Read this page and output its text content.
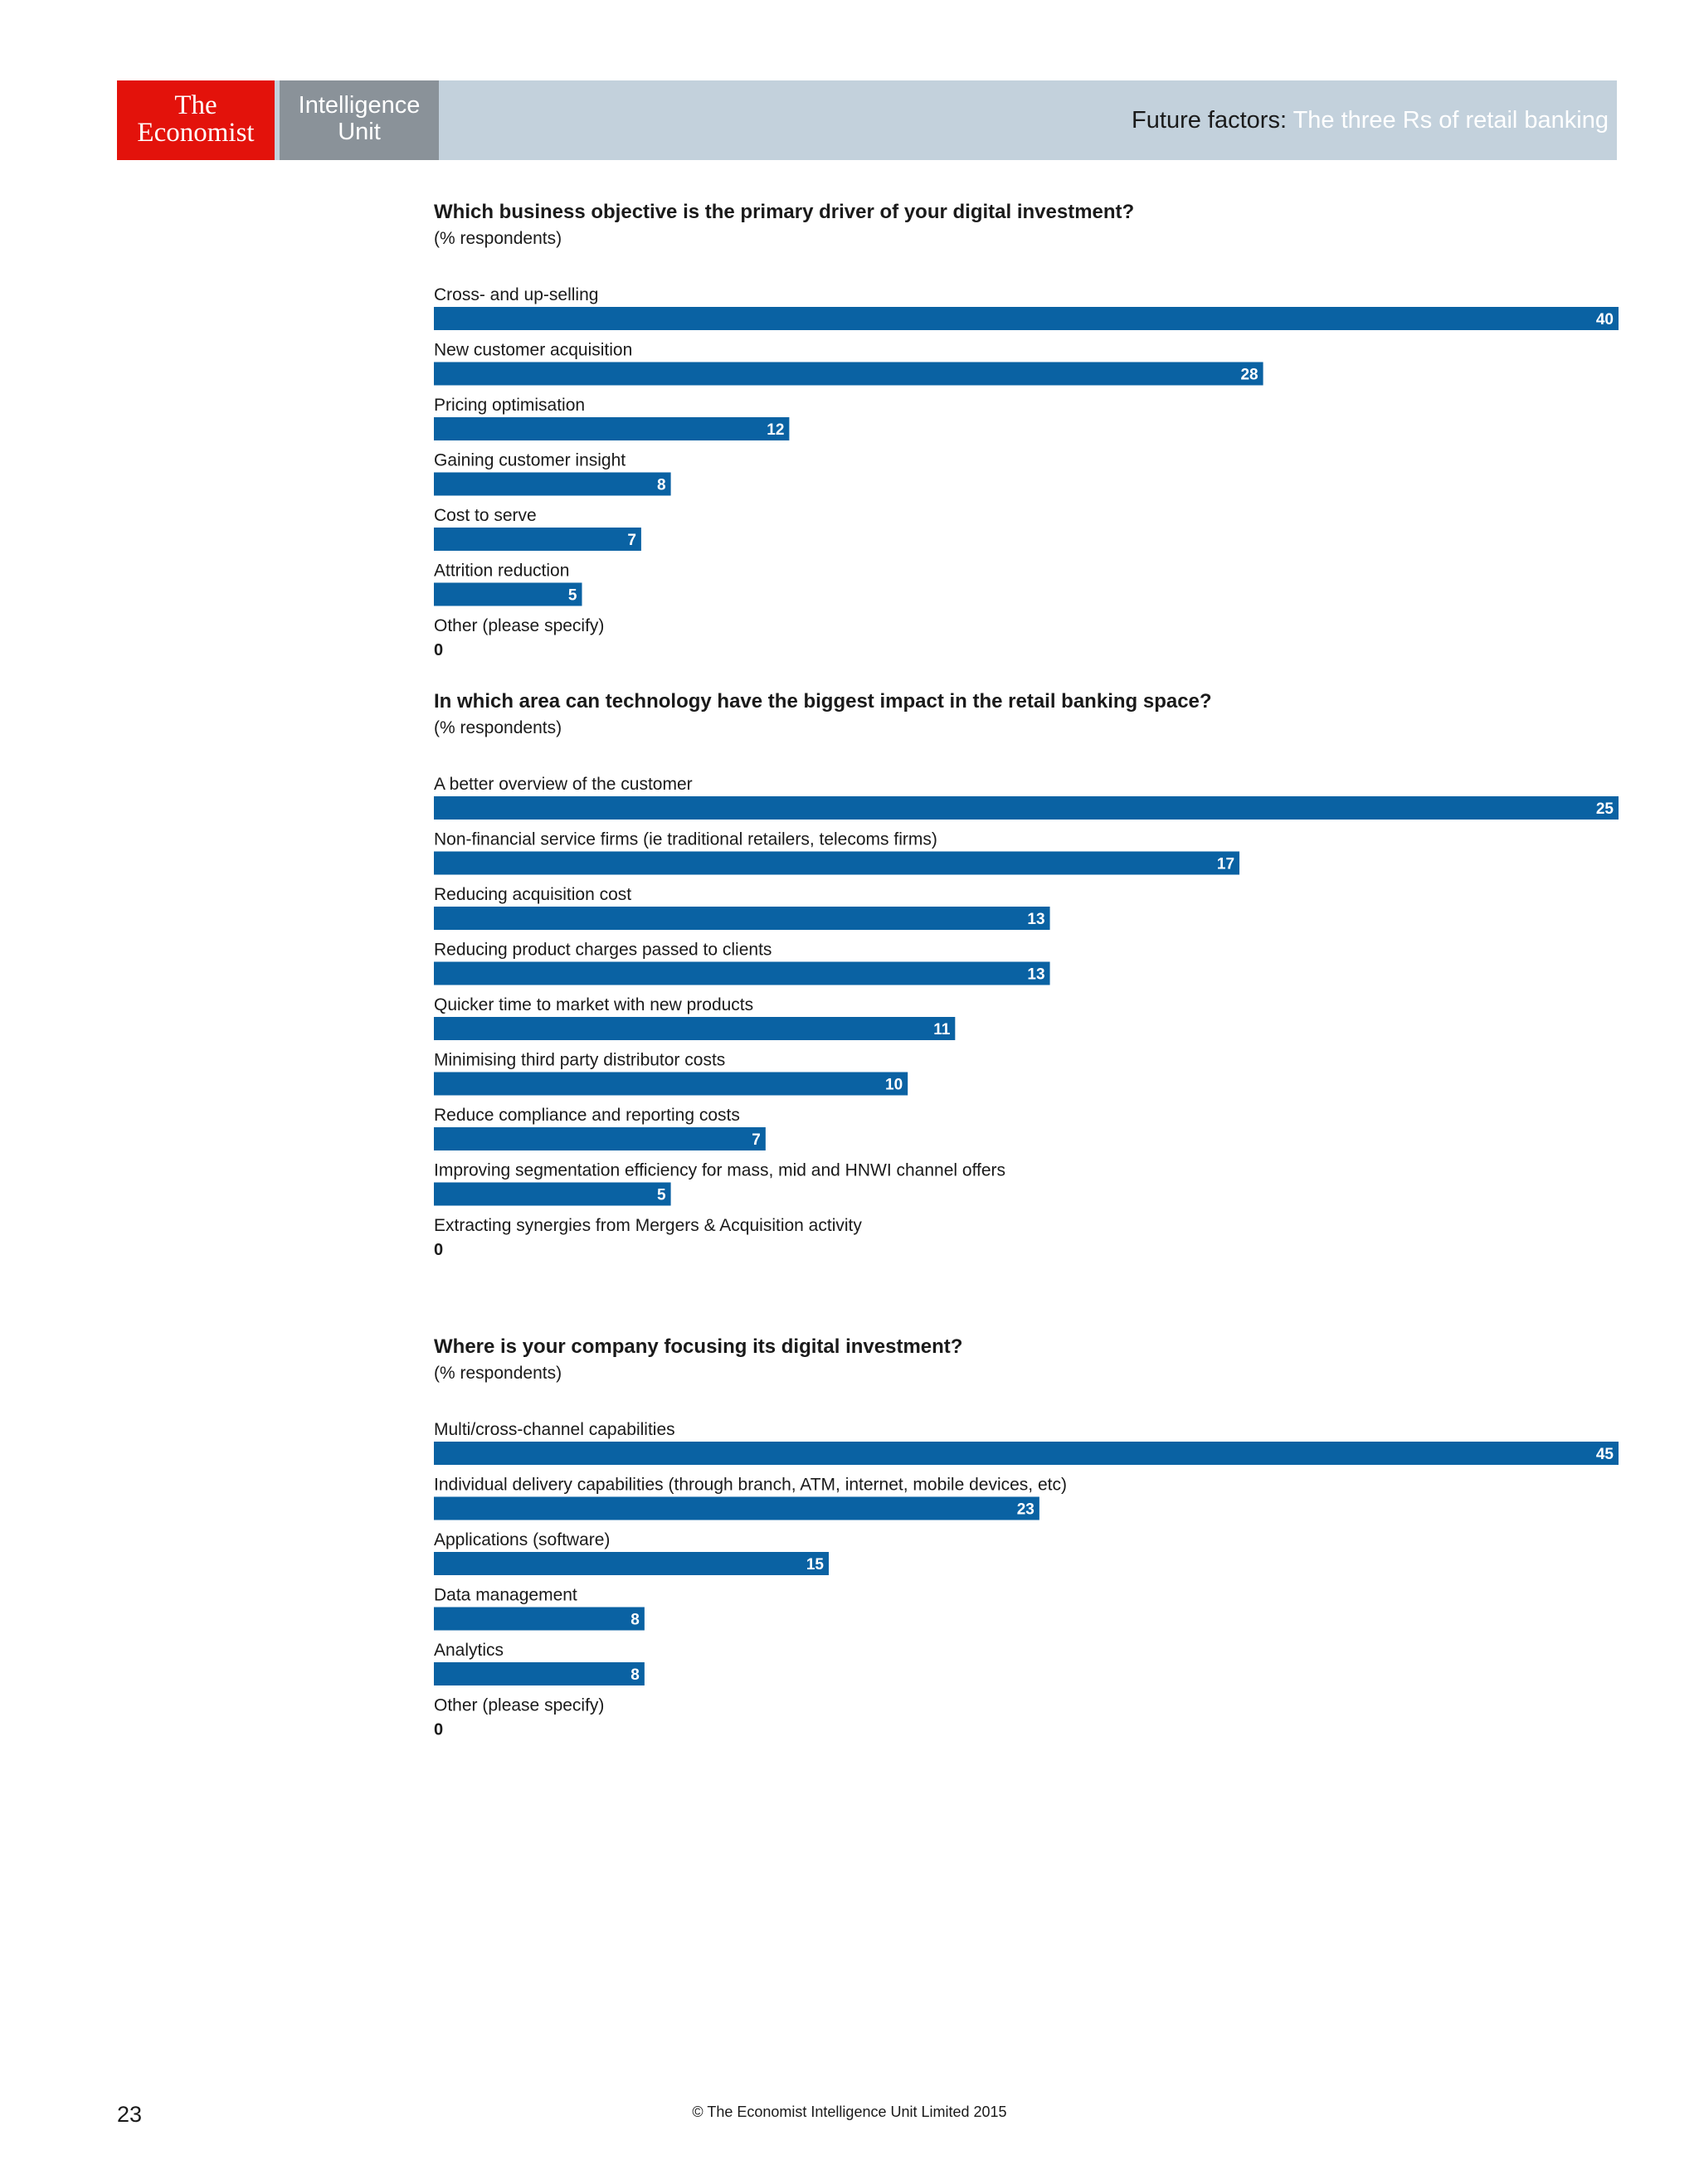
The
Economist
Intelligence
Unit	Future factors: The three Rs of retail banking
Which business objective is the primary driver of your digital investment?
(% respondents)
Cross- and up-selling
40
New customer acquisition
28
Pricing optimisation
12
Gaining customer insight
8
Cost to serve
7
Attrition reduction
5
Other (please specify)
0
In which area can technology have the biggest impact in the retail banking space?
(% respondents)
A better overview of the customer
25
Non-financial service firms (ie traditional retailers, telecoms firms)
17
Reducing acquisition cost
13
Reducing product charges passed to clients
13
Quicker time to market with new products
11
Minimising third party distributor costs
10
Reduce compliance and reporting costs
7
Improving segmentation efficiency for mass, mid and HNWI channel offers
5
Extracting synergies from Mergers & Acquisition activity
0
Where is your company focusing its digital investment?
(% respondents)
Multi/cross-channel capabilities
45
Individual delivery capabilities (through branch, ATM, internet, mobile devices, etc)
23
Applications (software)
15
Data management
8
Analytics
8
Other (please specify)
0
23	© The Economist Intelligence Unit Limited 2015
